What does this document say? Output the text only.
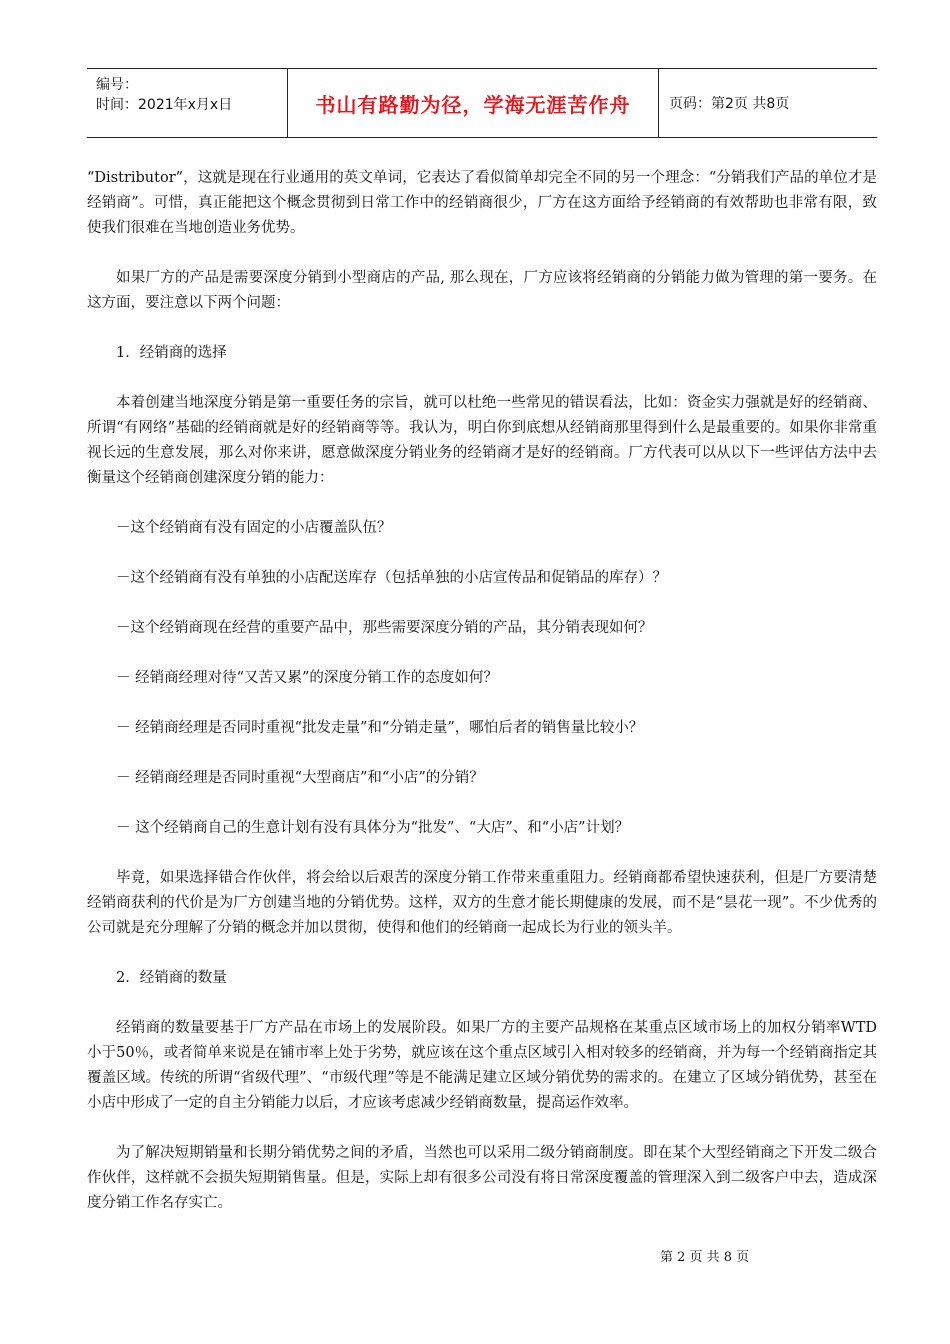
编号：
时间：2021年x月x日	书山有路勤为径，学海无涯苦作舟	页码：第2页 共8页

“Distributor”，这就是现在行业通用的英文单词，它表达了看似简单却完全不同的另一个理念：“分销我们产品的单位才是经销商”。可惜，真正能把这个概念贯彻到日常工作中的经销商很少，厂方在这方面给予经销商的有效帮助也非常有限，致使我们很难在当地创造业务优势。

如果厂方的产品是需要深度分销到小型商店的产品, 那么现在，厂方应该将经销商的分销能力做为管理的第一要务。在这方面，要注意以下两个问题：

1．经销商的选择

本着创建当地深度分销是第一重要任务的宗旨，就可以杜绝一些常见的错误看法，比如：资金实力强就是好的经销商、所谓“有网络”基础的经销商就是好的经销商等等。我认为，明白你到底想从经销商那里得到什么是最重要的。如果你非常重视长远的生意发展，那么对你来讲，愿意做深度分销业务的经销商才是好的经销商。厂方代表可以从以下一些评估方法中去衡量这个经销商创建深度分销的能力：

－这个经销商有没有固定的小店覆盖队伍？

－这个经销商有没有单独的小店配送库存（包括单独的小店宣传品和促销品的库存）？

－这个经销商现在经营的重要产品中，那些需要深度分销的产品，其分销表现如何？

－ 经销商经理对待“又苦又累”的深度分销工作的态度如何？

－ 经销商经理是否同时重视“批发走量”和“分销走量”，哪怕后者的销售量比较小？

－ 经销商经理是否同时重视“大型商店”和“小店”的分销？

－ 这个经销商自己的生意计划有没有具体分为“批发”、“大店”、和“小店”计划？

毕竟，如果选择错合作伙伴，将会给以后艰苦的深度分销工作带来重重阻力。经销商都希望快速获利，但是厂方要清楚经销商获利的代价是为厂方创建当地的分销优势。这样，双方的生意才能长期健康的发展，而不是“昙花一现”。不少优秀的公司就是充分理解了分销的概念并加以贯彻，使得和他们的经销商一起成长为行业的领头羊。

2．经销商的数量

经销商的数量要基于厂方产品在市场上的发展阶段。如果厂方的主要产品规格在某重点区域市场上的加权分销率WTD小于50％，或者简单来说是在铺市率上处于劣势，就应该在这个重点区域引入相对较多的经销商，并为每一个经销商指定其覆盖区域。传统的所谓“省级代理”、“市级代理”等是不能满足建立区域分销优势的需求的。在建立了区域分销优势，甚至在小店中形成了一定的自主分销能力以后，才应该考虑减少经销商数量，提高运作效率。

为了解决短期销量和长期分销优势之间的矛盾，当然也可以采用二级分销商制度。即在某个大型经销商之下开发二级合作伙伴，这样就不会损失短期销售量。但是，实际上却有很多公司没有将日常深度覆盖的管理深入到二级客户中去，造成深度分销工作名存实亡。

第 2 页 共 8 页
